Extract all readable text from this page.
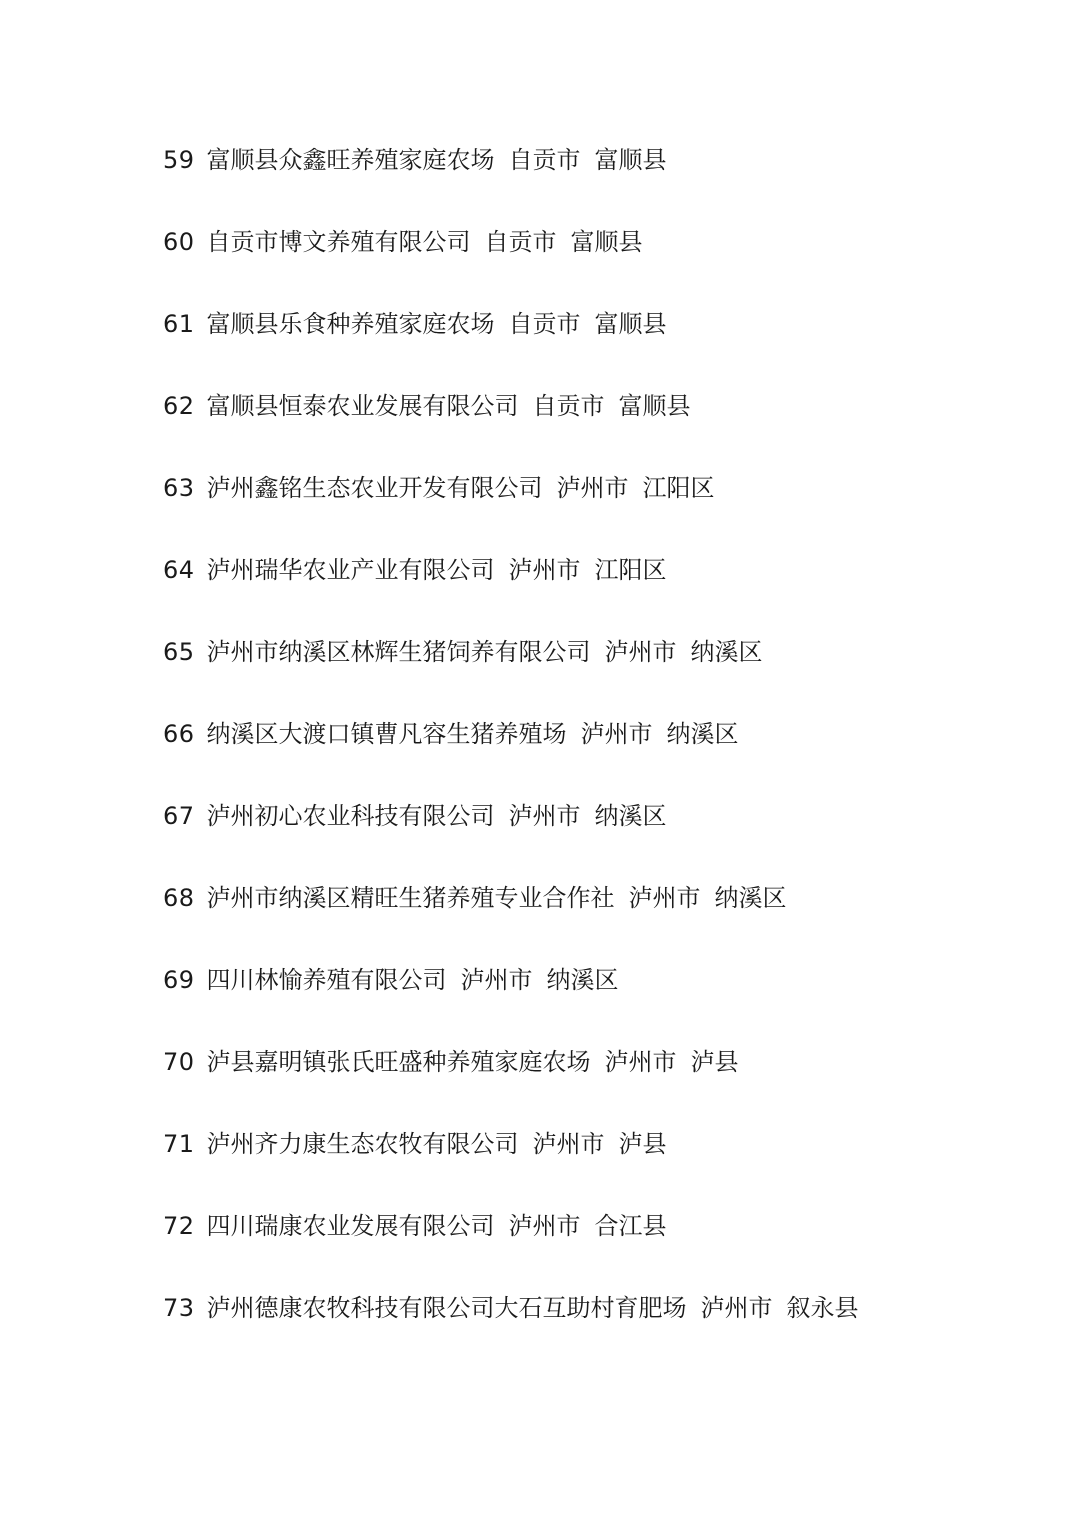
59 富顺县众鑫旺养殖家庭农场 自贡市 富顺县
60 自贡市博文养殖有限公司 自贡市 富顺县
61 富顺县乐食种养殖家庭农场 自贡市 富顺县
62 富顺县恒泰农业发展有限公司 自贡市 富顺县
63 泸州鑫铭生态农业开发有限公司 泸州市 江阳区
64 泸州瑞华农业产业有限公司 泸州市 江阳区
65 泸州市纳溪区林辉生猪饲养有限公司 泸州市 纳溪区
66 纳溪区大渡口镇曹凡容生猪养殖场 泸州市 纳溪区
67 泸州初心农业科技有限公司 泸州市 纳溪区
68 泸州市纳溪区精旺生猪养殖专业合作社 泸州市 纳溪区
69 四川林愉养殖有限公司 泸州市 纳溪区
70 泸县嘉明镇张氏旺盛种养殖家庭农场 泸州市 泸县
71 泸州齐力康生态农牧有限公司 泸州市 泸县
72 四川瑞康农业发展有限公司 泸州市 合江县
73 泸州德康农牧科技有限公司大石互助村育肥场 泸州市 叙永县
